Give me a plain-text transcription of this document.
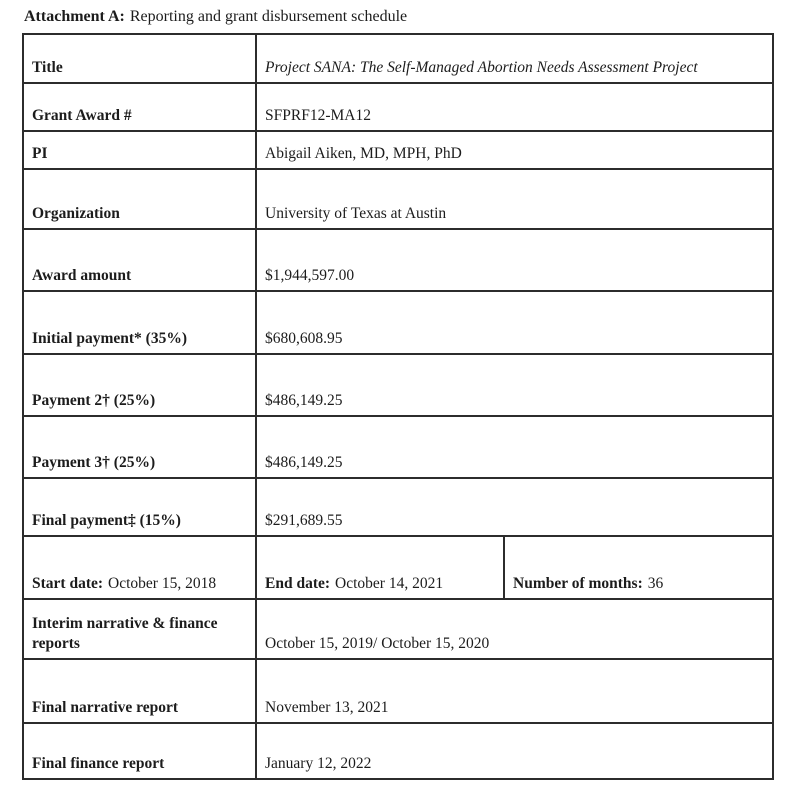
Attachment A: Reporting and grant disbursement schedule
Title	Project SANA: The Self-Managed Abortion Needs Assessment Project	
Grant Award #	SFPRF12-MA12	
PI	Abigail Aiken, MD, MPH, PhD	
Organization	University of Texas at Austin	
Award amount	$1,944,597.00	
Initial payment* (35%)	$680,608.95	
Payment 2† (25%)	$486,149.25	
Payment 3† (25%)	$486,149.25	
Final payment‡ (15%)	$291,689.55	
Start date: October 15, 2018	End date: October 14, 2021	Number of months: 36
Interim narrative & finance reports	October 15, 2019/ October 15, 2020	
Final narrative report	November 13, 2021	
Final finance report	January 12, 2022	
